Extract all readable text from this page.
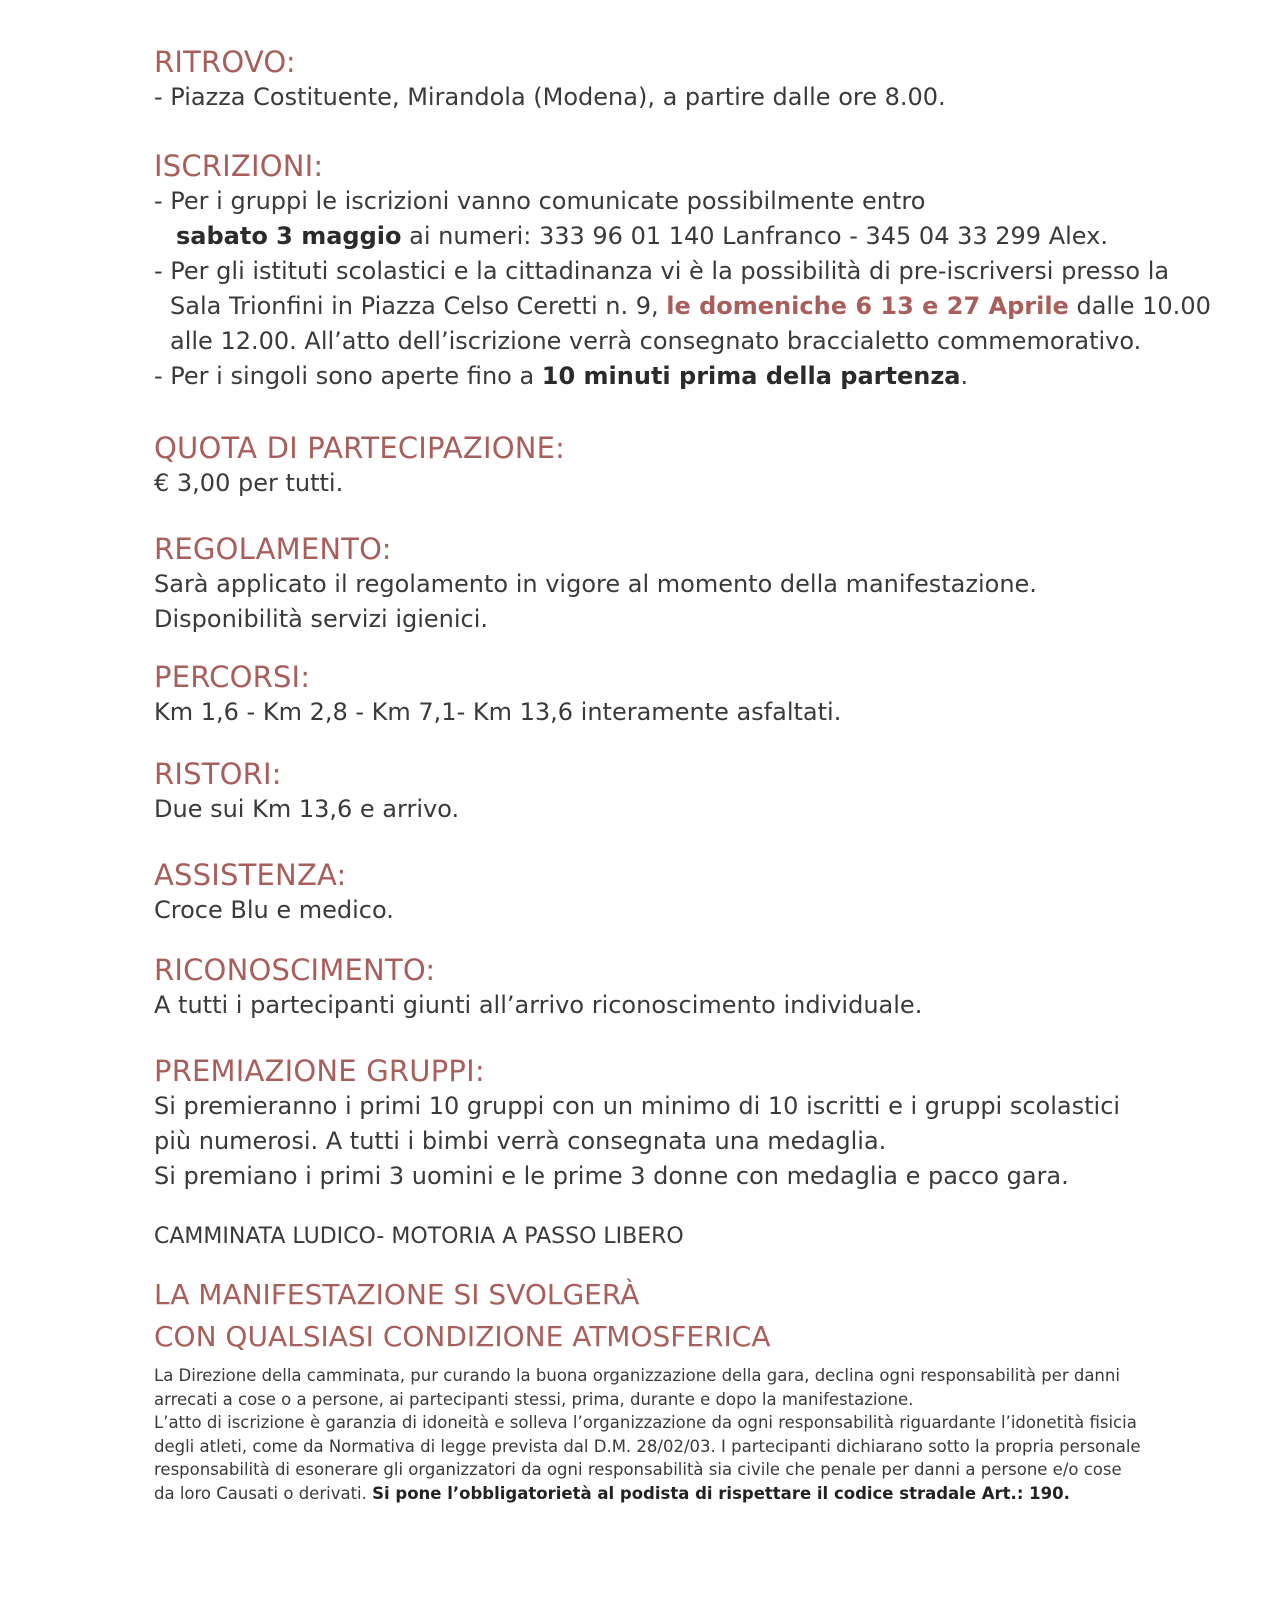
RITROVO:

- Piazza Costituente, Mirandola (Modena), a partire dalle ore 8.00.

ISCRIZIONI:

- Per i gruppi le iscrizioni vanno comunicate possibilmente entro

sabato 3 maggio ai numeri: 333 96 01 140 Lanfranco - 345 04 33 299 Alex.

- Per gli istituti scolastici e la cittadinanza vi è la possibilità di pre-iscriversi presso la

Sala Trionfini in Piazza Celso Ceretti n. 9, le domeniche 6 13 e 27 Aprile dalle 10.00

alle 12.00. All’atto dell’iscrizione verrà consegnato braccialetto commemorativo.

- Per i singoli sono aperte fino a 10 minuti prima della partenza.

QUOTA DI PARTECIPAZIONE:

€ 3,00 per tutti.

REGOLAMENTO:

Sarà applicato il regolamento in vigore al momento della manifestazione.

Disponibilità servizi igienici.

PERCORSI:

Km 1,6 - Km 2,8 - Km 7,1- Km 13,6 interamente asfaltati.

RISTORI:

Due sui Km 13,6 e arrivo.

ASSISTENZA:

Croce Blu e medico.

RICONOSCIMENTO:

A tutti i partecipanti giunti all’arrivo riconoscimento individuale.

PREMIAZIONE GRUPPI:

Si premieranno i primi 10 gruppi con un minimo di 10 iscritti e i gruppi scolastici

più numerosi. A tutti i bimbi verrà consegnata una medaglia.

Si premiano i primi 3 uomini e le prime 3 donne con medaglia e pacco gara.

CAMMINATA LUDICO- MOTORIA A PASSO LIBERO

LA MANIFESTAZIONE SI SVOLGERÀ
CON QUALSIASI CONDIZIONE ATMOSFERICA

La Direzione della camminata, pur curando la buona organizzazione della gara, declina ogni responsabilità per danni

arrecati a cose o a persone, ai partecipanti stessi, prima, durante e dopo la manifestazione.

L’atto di iscrizione è garanzia di idoneità e solleva l’organizzazione da ogni responsabilità riguardante l’idonetità fisicia

degli atleti, come da Normativa di legge prevista dal D.M. 28/02/03. I partecipanti dichiarano sotto la propria personale

responsabilità di esonerare gli organizzatori da ogni responsabilità sia civile che penale per danni a persone e/o cose

da loro Causati o derivati. Si pone l’obbligatorietà al podista di rispettare il codice stradale Art.: 190.
